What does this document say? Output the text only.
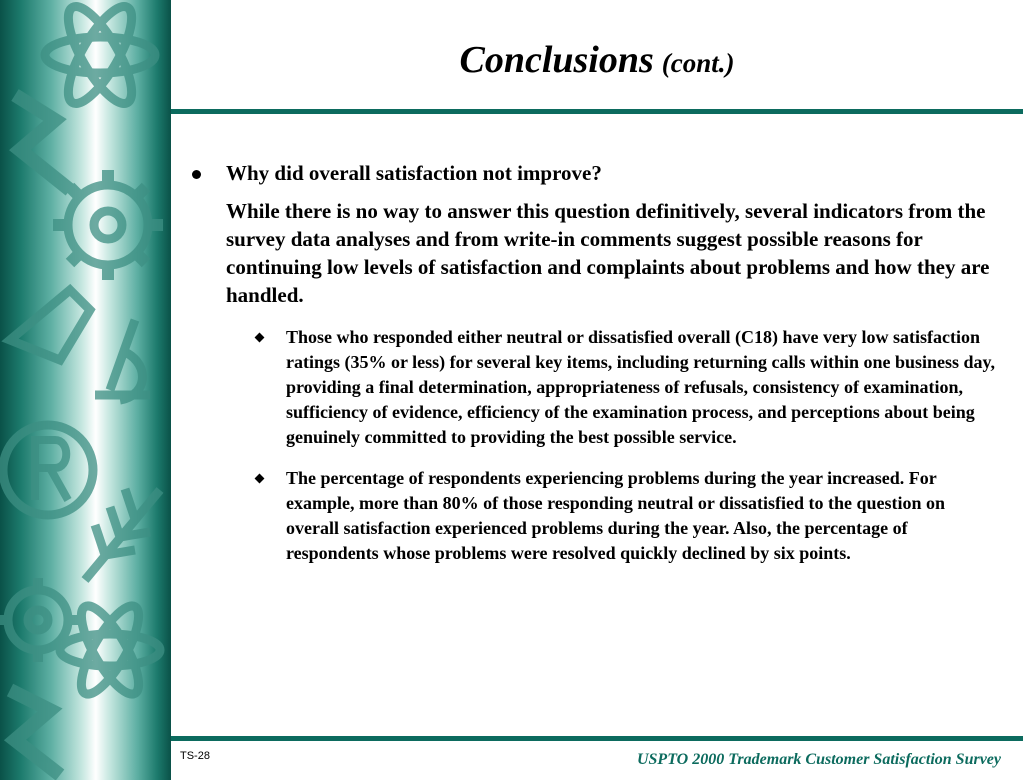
Conclusions (cont.)
Why did overall satisfaction not improve?
While there is no way to answer this question definitively, several indicators from the survey data analyses and from write-in comments suggest possible reasons for continuing low levels of satisfaction and complaints about problems and how they are handled.

Those who responded either neutral or dissatisfied overall (C18) have very low satisfaction ratings (35% or less) for several key items, including returning calls within one business day, providing a final determination, appropriateness of refusals, consistency of examination, sufficiency of evidence, efficiency of the examination process, and perceptions about being genuinely committed to providing the best possible service.

The percentage of respondents experiencing problems during the year increased. For example, more than 80% of those responding neutral or dissatisfied to the question on overall satisfaction experienced problems during the year. Also, the percentage of respondents whose problems were resolved quickly declined by six points.

TS-28	USPTO 2000 Trademark Customer Satisfaction Survey
